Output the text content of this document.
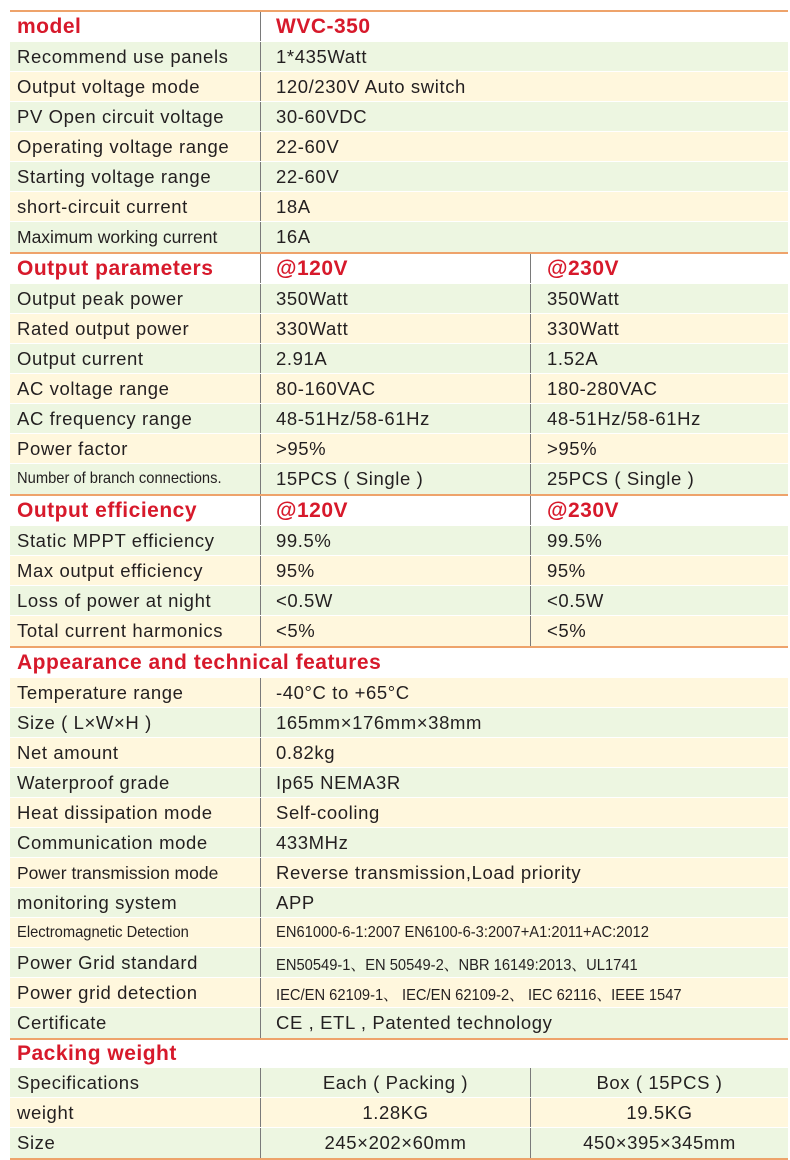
model	WVC-350
Recommend use panels	1*435Watt
Output voltage mode	120/230V Auto switch
PV Open circuit voltage	30-60VDC
Operating voltage range	22-60V
Starting voltage range	22-60V
short-circuit current	18A
Maximum working current	16A
Output parameters	@120V	@230V
Output peak power	350Watt	350Watt
Rated output power	330Watt	330Watt
Output current	2.91A	1.52A
AC voltage range	80-160VAC	180-280VAC
AC frequency range	48-51Hz/58-61Hz	48-51Hz/58-61Hz
Power factor	>95%	>95%
Number of branch connections.	15PCS ( Single )	25PCS ( Single )
Output efficiency	@120V	@230V
Static MPPT efficiency	99.5%	99.5%
Max output efficiency	95%	95%
Loss of power at night	<0.5W	<0.5W
Total current harmonics	<5%	<5%
Appearance and technical features
Temperature range	-40°C to +65°C
Size ( L×W×H )	165mm×176mm×38mm
Net amount	0.82kg
Waterproof grade	Ip65 NEMA3R
Heat dissipation mode	Self-cooling
Communication mode	433MHz
Power transmission mode	Reverse transmission,Load priority
monitoring system	APP
Electromagnetic Detection	EN61000-6-1:2007 EN6100-6-3:2007+A1:2011+AC:2012
Power Grid standard	EN50549-1、EN 50549-2、NBR 16149:2013、UL1741
Power grid detection	IEC/EN 62109-1、 IEC/EN 62109-2、 IEC 62116、IEEE 1547
Certificate	CE , ETL , Patented technology
Packing weight
Specifications	Each ( Packing )	Box ( 15PCS )
weight	1.28KG	19.5KG
Size	245×202×60mm	450×395×345mm
